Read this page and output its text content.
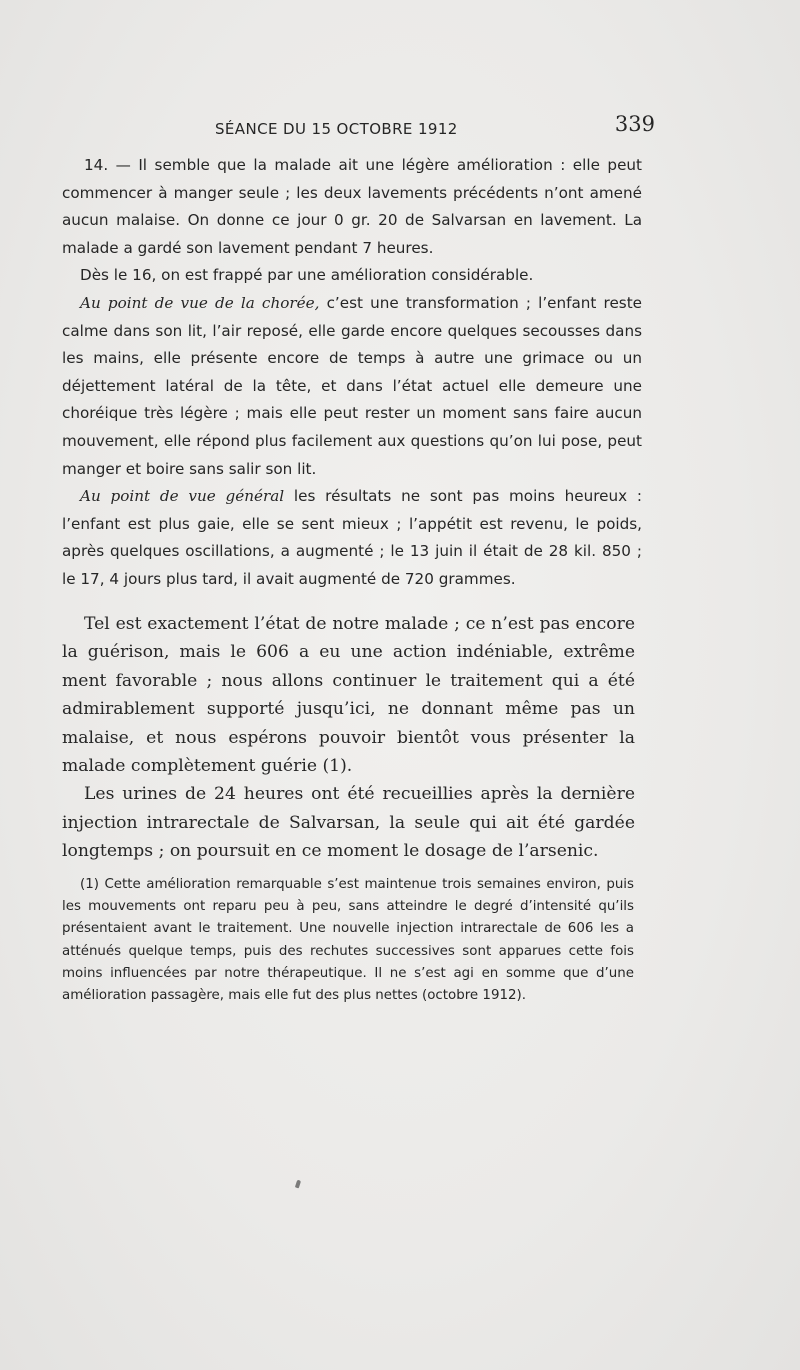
SÉANCE DU 15 OCTOBRE 1912	339

14. — Il semble que la malade ait une légère amélioration : elle peut commencer à manger seule ; les deux lavements précédents n’ont amené aucun malaise. On donne ce jour 0 gr. 20 de Salvarsan en lavement. La malade a gardé son lavement pendant 7 heures.

Dès le 16, on est frappé par une amélioration considérable.

Au point de vue de la chorée, c’est une transformation ; l’enfant reste calme dans son lit, l’air reposé, elle garde encore quelques secousses dans les mains, elle présente encore de temps à autre une grimace ou un déjettement latéral de la tête, et dans l’état actuel elle demeure une choréique très légère ; mais elle peut rester un moment sans faire aucun mouvement, elle répond plus facilement aux questions qu’on lui pose, peut manger et boire sans salir son lit.

Au point de vue général les résultats ne sont pas moins heureux : l’enfant est plus gaie, elle se sent mieux ; l’appétit est revenu, le poids, après quelques oscillations, a augmenté ; le 13 juin il était de 28 kil. 850 ; le 17, 4 jours plus tard, il avait augmenté de 720 grammes.

Tel est exactement l’état de notre malade ; ce n’est pas encore la guérison, mais le 606 a eu une action indéniable, extrême ment favorable ; nous allons continuer le traitement qui a été admirablement supporté jusqu’ici, ne donnant même pas un malaise, et nous espérons pouvoir bientôt vous présenter la malade complètement guérie (1).

Les urines de 24 heures ont été recueillies après la dernière injection intrarectale de Salvarsan, la seule qui ait été gardée longtemps ; on poursuit en ce moment le dosage de l’arsenic.

(1) Cette amélioration remarquable s’est maintenue trois semaines environ, puis les mouvements ont reparu peu à peu, sans atteindre le degré d’intensité qu’ils présentaient avant le traitement. Une nouvelle injection intrarectale de 606 les a atténués quelque temps, puis des rechutes successives sont apparues cette fois moins influencées par notre thérapeutique. Il ne s’est agi en somme que d’une amélioration passagère, mais elle fut des plus nettes (octobre 1912).
